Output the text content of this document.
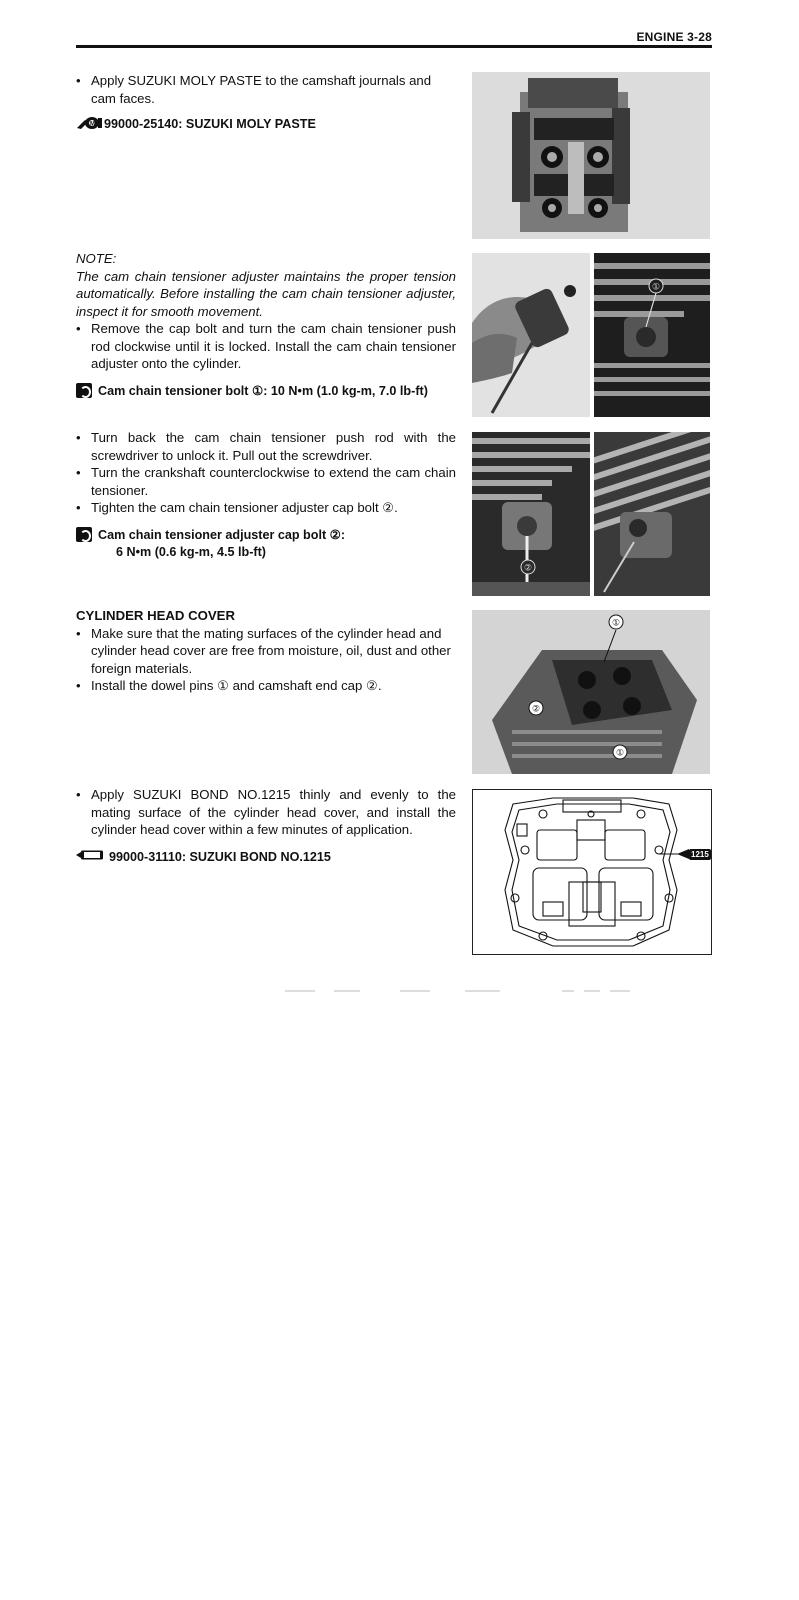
ENGINE 3-28

• Apply SUZUKI MOLY PASTE to the camshaft journals and cam faces.

M 99000-25140: SUZUKI MOLY PASTE
NOTE:
The cam chain tensioner adjuster maintains the proper tension automatically. Before installing the cam chain tensioner adjuster, inspect it for smooth movement.

• Remove the cap bolt and turn the cam chain tensioner push rod clockwise until it is locked. Install the cam chain tensioner adjuster onto the cylinder.

Cam chain tensioner bolt ①: 10 N•m (1.0 kg-m, 7.0 lb-ft)

• Turn back the cam chain tensioner push rod with the screwdriver to unlock it. Pull out the screwdriver.

• Turn the crankshaft counterclockwise to extend the cam chain tensioner.

• Tighten the cam chain tensioner adjuster cap bolt ②.

Cam chain tensioner adjuster cap bolt ②:
6 N•m (0.6 kg-m, 4.5 lb-ft)
CYLINDER HEAD COVER

• Make sure that the mating surfaces of the cylinder head and cylinder head cover are free from moisture, oil, dust and other foreign materials.

• Install the dowel pins ① and camshaft end cap ②.

• Apply SUZUKI BOND NO.1215 thinly and evenly to the mating surface of the cylinder head cover, and install the cylinder head cover within a few minutes of application.

99000-31110: SUZUKI BOND NO.1215
①
②
①
②
①
1215
